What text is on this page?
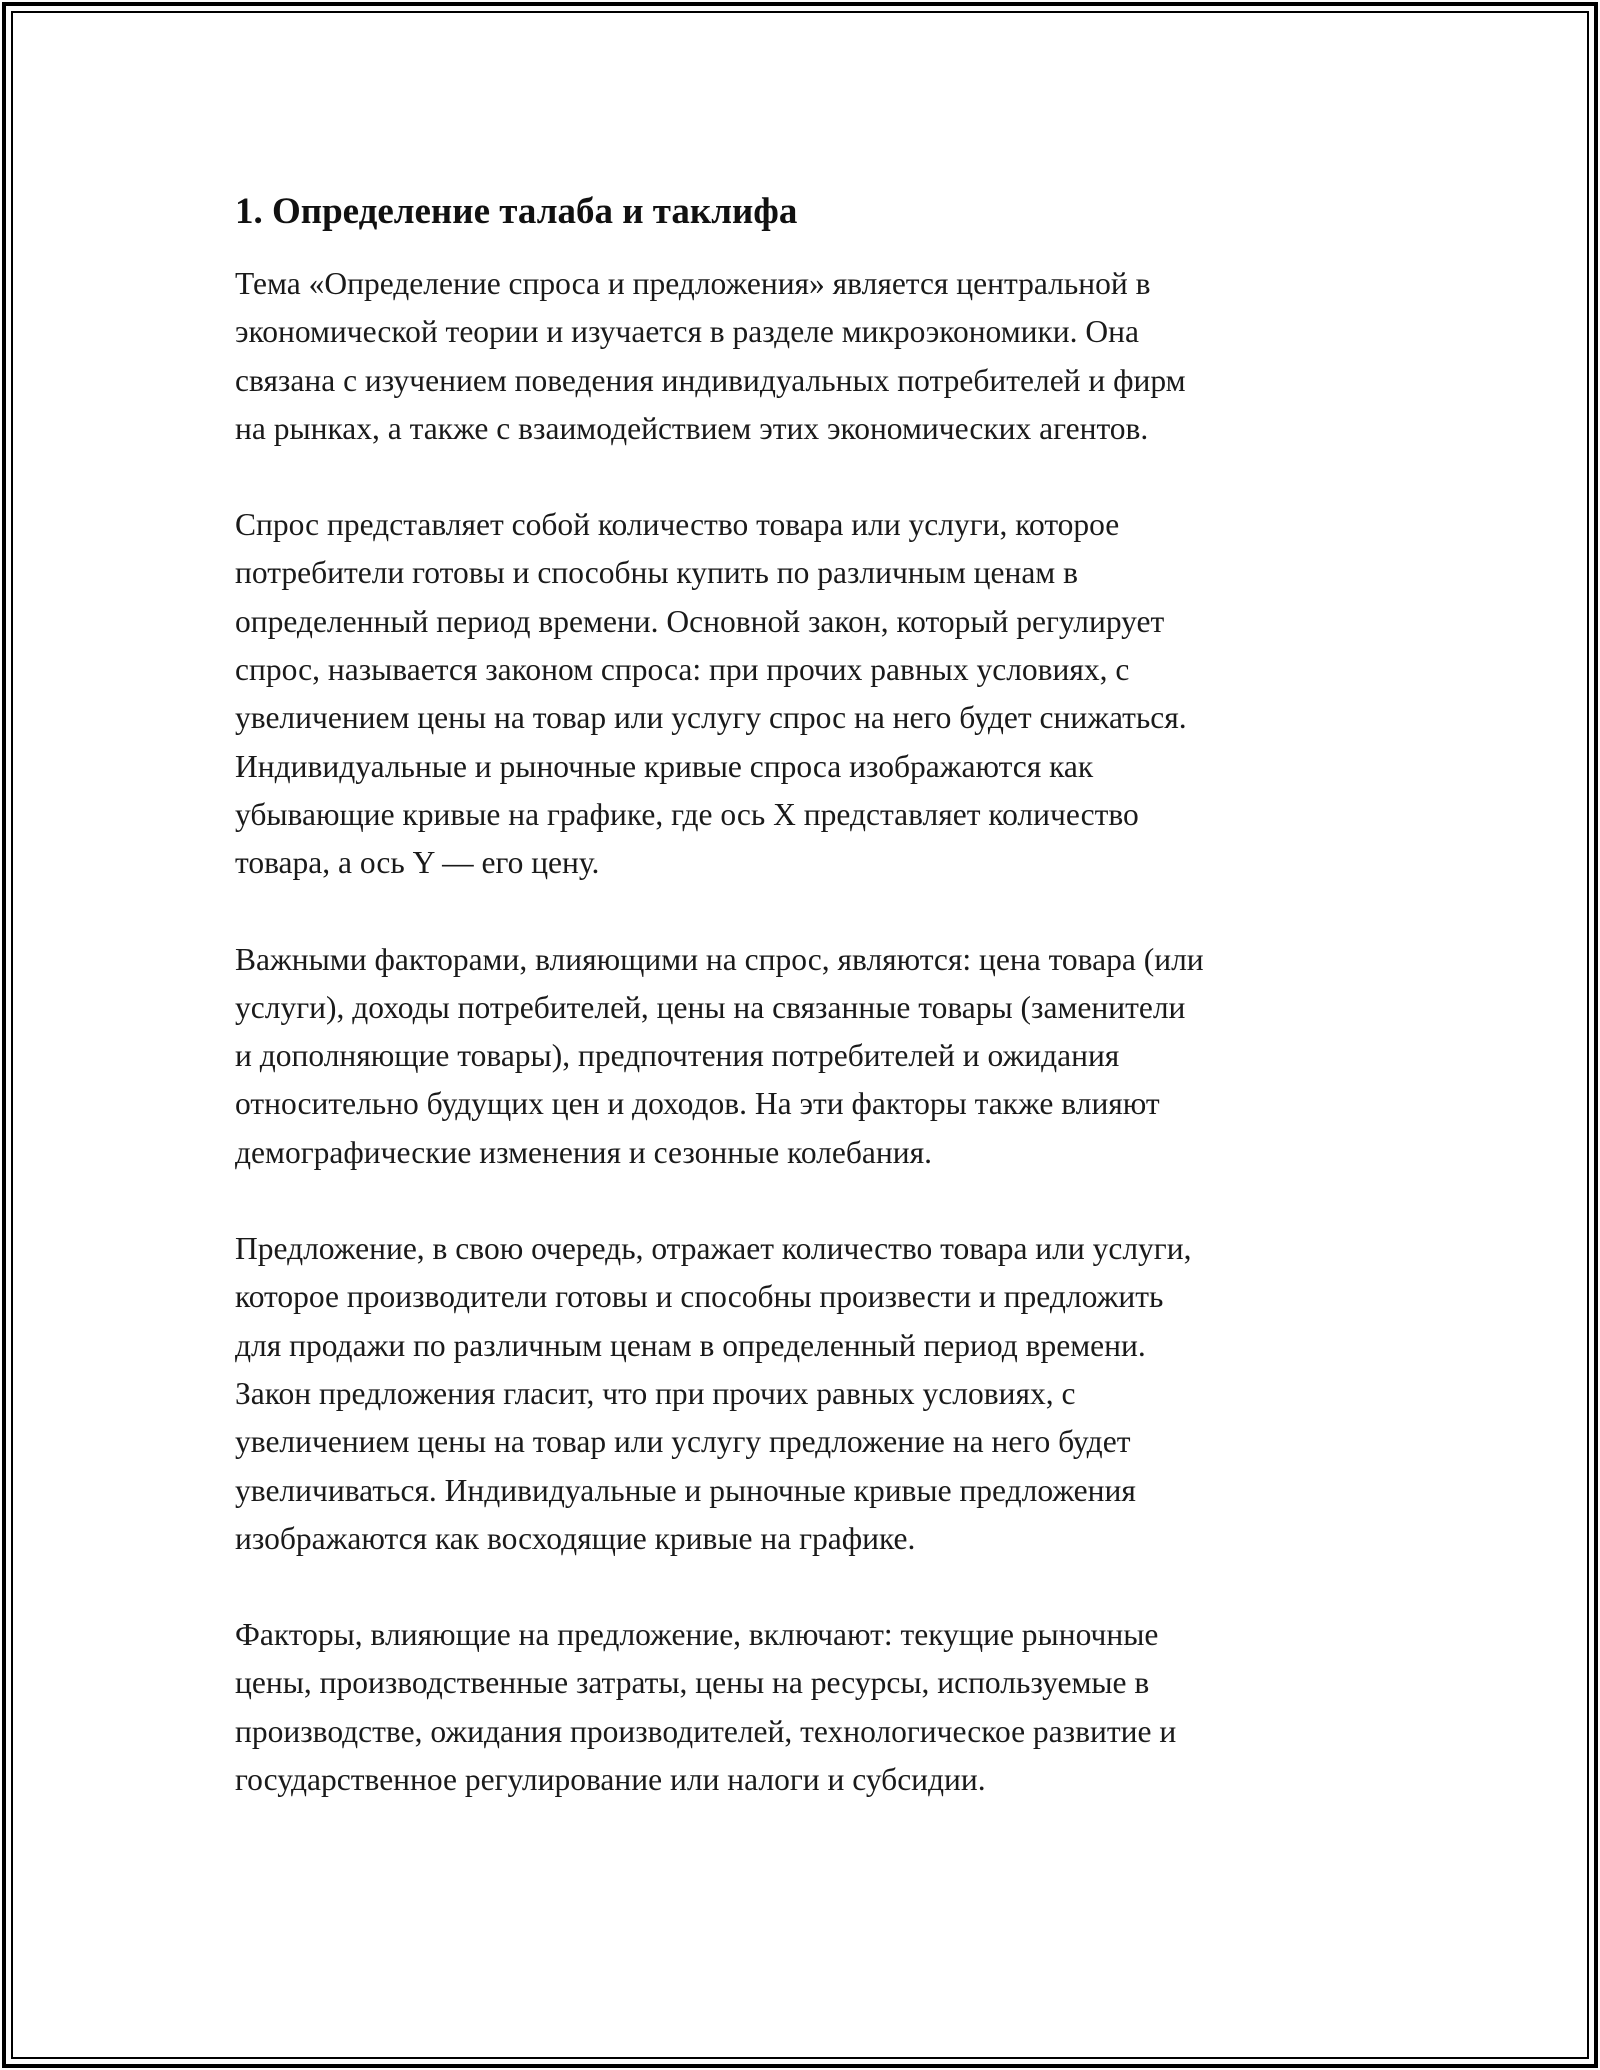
1. Определение талаба и таклифа
Тема «Определение спроса и предложения» является центральной в
экономической теории и изучается в разделе микроэкономики. Она
связана с изучением поведения индивидуальных потребителей и фирм
на рынках, а также с взаимодействием этих экономических агентов.
Спрос представляет собой количество товара или услуги, которое
потребители готовы и способны купить по различным ценам в
определенный период времени. Основной закон, который регулирует
спрос, называется законом спроса: при прочих равных условиях, с
увеличением цены на товар или услугу спрос на него будет снижаться.
Индивидуальные и рыночные кривые спроса изображаются как
убывающие кривые на графике, где ось X представляет количество
товара, а ось Y — его цену.
Важными факторами, влияющими на спрос, являются: цена товара (или
услуги), доходы потребителей, цены на связанные товары (заменители
и дополняющие товары), предпочтения потребителей и ожидания
относительно будущих цен и доходов. На эти факторы также влияют
демографические изменения и сезонные колебания.
Предложение, в свою очередь, отражает количество товара или услуги,
которое производители готовы и способны произвести и предложить
для продажи по различным ценам в определенный период времени.
Закон предложения гласит, что при прочих равных условиях, с
увеличением цены на товар или услугу предложение на него будет
увеличиваться. Индивидуальные и рыночные кривые предложения
изображаются как восходящие кривые на графике.
Факторы, влияющие на предложение, включают: текущие рыночные
цены, производственные затраты, цены на ресурсы, используемые в
производстве, ожидания производителей, технологическое развитие и
государственное регулирование или налоги и субсидии.
